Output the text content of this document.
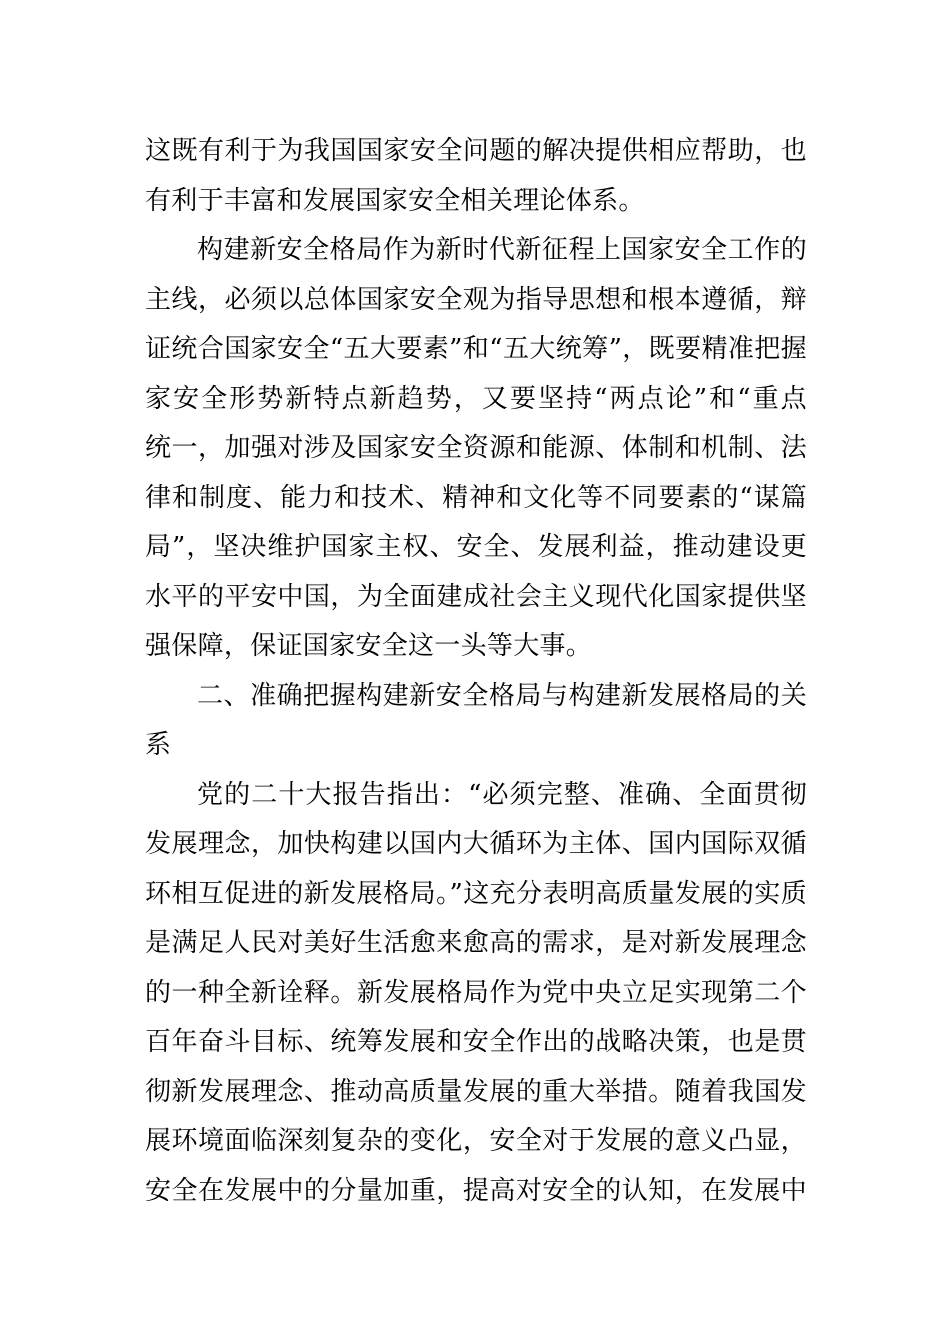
这既有利于为我国国家安全问题的解决提供相应帮助，也
有利于丰富和发展国家安全相关理论体系。
构建新安全格局作为新时代新征程上国家安全工作的
主线，必须以总体国家安全观为指导思想和根本遵循，辩
证统合国家安全“五大要素”和“五大统筹”，既要精准把握
家安全形势新特点新趋势，又要坚持“两点论”和“重点
统一，加强对涉及国家安全资源和能源、体制和机制、法
律和制度、能力和技术、精神和文化等不同要素的“谋篇
局”，坚决维护国家主权、安全、发展利益，推动建设更
水平的平安中国，为全面建成社会主义现代化国家提供坚
强保障，保证国家安全这一头等大事。
二、准确把握构建新安全格局与构建新发展格局的关
系
党的二十大报告指出：“必须完整、准确、全面贯彻
发展理念，加快构建以国内大循环为主体、国内国际双循
环相互促进的新发展格局。”这充分表明高质量发展的实质
是满足人民对美好生活愈来愈高的需求，是对新发展理念
的一种全新诠释。新发展格局作为党中央立足实现第二个
百年奋斗目标、统筹发展和安全作出的战略决策，也是贯
彻新发展理念、推动高质量发展的重大举措。随着我国发
展环境面临深刻复杂的变化，安全对于发展的意义凸显，
安全在发展中的分量加重，提高对安全的认知，在发展中
